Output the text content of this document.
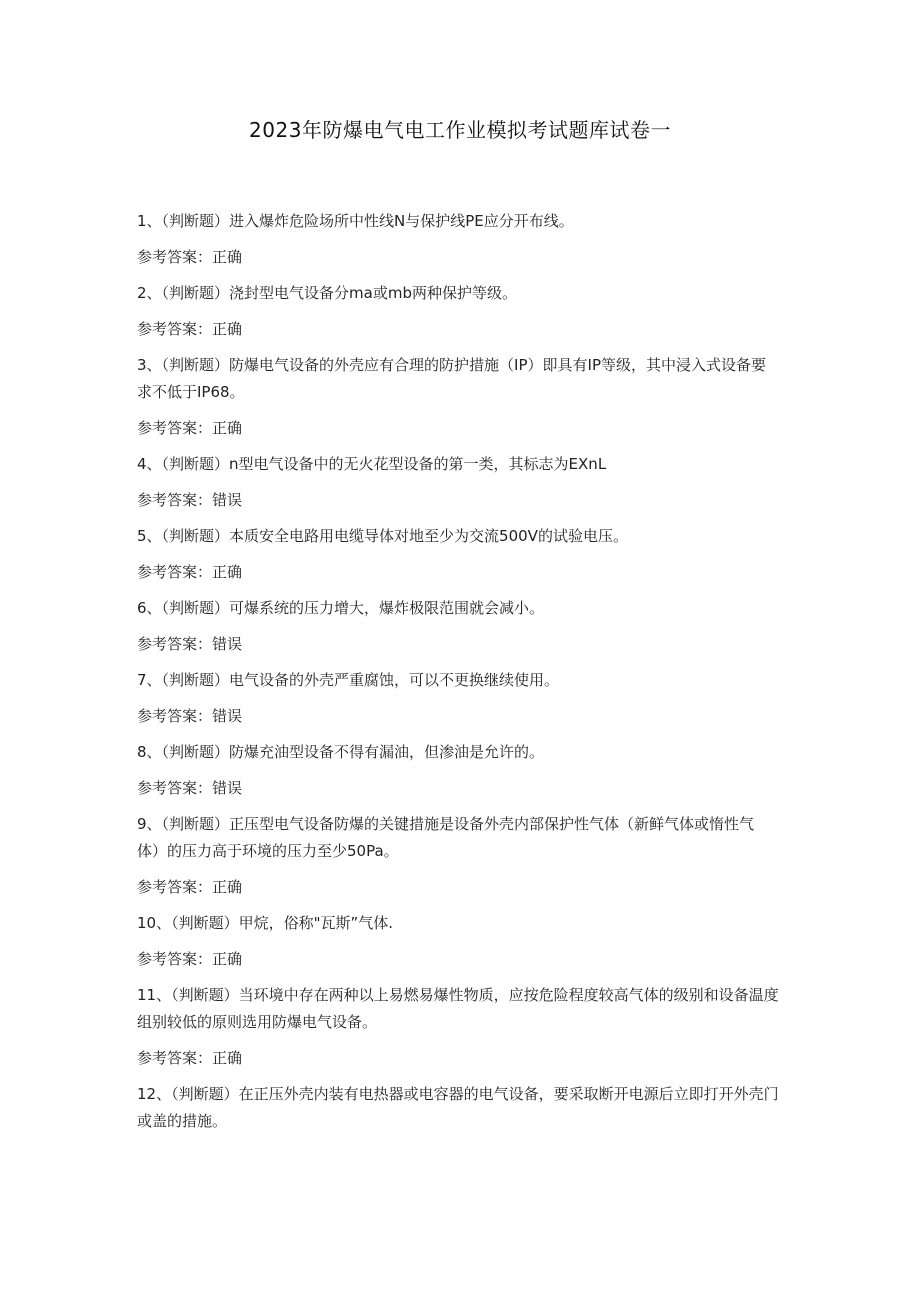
2023年防爆电气电工作业模拟考试题库试卷一

1、（判断题）进入爆炸危险场所中性线N与保护线PE应分开布线。

参考答案：正确

2、（判断题）浇封型电气设备分ma或mb两种保护等级。

参考答案：正确

3、（判断题）防爆电气设备的外壳应有合理的防护措施（IP）即具有IP等级，其中浸入式设备要求不低于IP68。

参考答案：正确

4、（判断题）n型电气设备中的无火花型设备的第一类，其标志为EXnL

参考答案：错误

5、（判断题）本质安全电路用电缆导体对地至少为交流500V的试验电压。

参考答案：正确

6、（判断题）可爆系统的压力增大，爆炸极限范围就会减小。

参考答案：错误

7、（判断题）电气设备的外壳严重腐蚀，可以不更换继续使用。

参考答案：错误

8、（判断题）防爆充油型设备不得有漏油，但渗油是允许的。

参考答案：错误

9、（判断题）正压型电气设备防爆的关键措施是设备外壳内部保护性气体（新鲜气体或惰性气体）的压力高于环境的压力至少50Pa。

参考答案：正确

10、（判断题）甲烷，俗称"瓦斯”气体.

参考答案：正确

11、（判断题）当环境中存在两种以上易燃易爆性物质，应按危险程度较高气体的级别和设备温度组别较低的原则选用防爆电气设备。

参考答案：正确

12、（判断题）在正压外壳内装有电热器或电容器的电气设备，要采取断开电源后立即打开外壳门或盖的措施。
